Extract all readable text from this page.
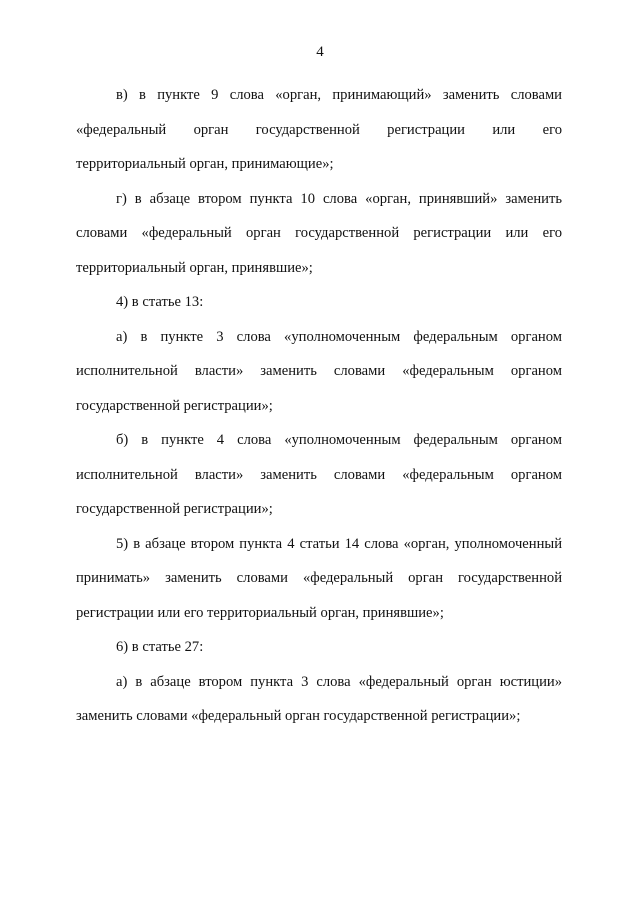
4

в) в пункте 9 слова «орган, принимающий» заменить словами
«федеральный орган государственной регистрации или его
территориальный орган, принимающие»;

г) в абзаце втором пункта 10 слова «орган, принявший» заменить
словами «федеральный орган государственной регистрации или его
территориальный орган, принявшие»;

4) в статье 13:

а) в пункте 3 слова «уполномоченным федеральным органом
исполнительной власти» заменить словами «федеральным органом
государственной регистрации»;

б) в пункте 4 слова «уполномоченным федеральным органом
исполнительной власти» заменить словами «федеральным органом
государственной регистрации»;

5) в абзаце втором пункта 4 статьи 14 слова «орган, уполномоченный
принимать» заменить словами «федеральный орган государственной
регистрации или его территориальный орган, принявшие»;

6) в статье 27:

а) в абзаце втором пункта 3 слова «федеральный орган юстиции»
заменить словами «федеральный орган государственной регистрации»;
